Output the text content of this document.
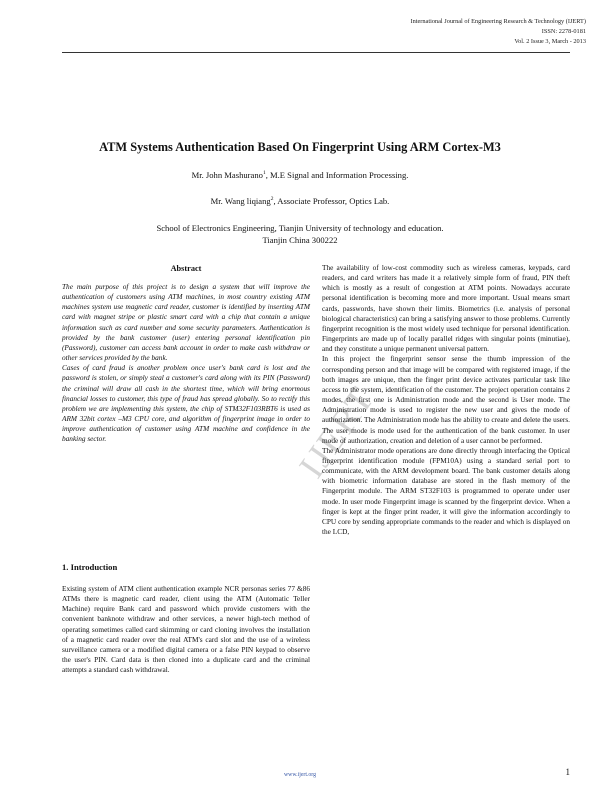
International Journal of Engineering Research & Technology (IJERT)
ISSN: 2278-0181
Vol. 2 Issue 3, March - 2013
IJERT
ATM Systems Authentication Based On Fingerprint Using ARM Cortex-M3
Mr. John Mashurano$^1$, M.E Signal and Information Processing.
Mr. Wang liqiang$^2$, Associate Professor, Optics Lab.
School of Electronics Engineering, Tianjin University of technology and education.
Tianjin China 300222
Abstract

The main purpose of this project is to design a system that will improve the authentication of customers using ATM machines, in most country existing ATM machines system use magnetic card reader, customer is identified by inserting ATM card with magnet stripe or plastic smart card with a chip that contain a unique information such as card number and some security parameters. Authentication is provided by the bank customer (user) entering personal identification pin (Password), customer can access bank account in order to make cash withdraw or other services provided by the bank.

Cases of card fraud is another problem once user's bank card is lost and the password is stolen, or simply steal a customer's card along with its PIN (Password) the criminal will draw all cash in the shortest time, which will bring enormous financial losses to customer, this type of fraud has spread globally. So to rectify this problem we are implementing this system, the chip of STM32F103RBT6 is used as ARM 32bit cortex –M3 CPU core, and algorithm of fingerprint image in order to improve authentication of customer using ATM machine and confidence in the banking sector.

1. Introduction

Existing system of ATM client authentication example NCR personas series 77 &86 ATMs there is magnetic card reader, client using the ATM (Automatic Teller Machine) require Bank card and password which provide customers with the convenient banknote withdraw and other services, a newer high-tech method of operating sometimes called card skimming or card cloning involves the installation of a magnetic card reader over the real ATM's card slot and the use of a wireless surveillance camera or a modified digital camera or a false PIN keypad to observe the user's PIN. Card data is then cloned into a duplicate card and the criminal attempts a standard cash withdrawal.

The availability of low-cost commodity such as wireless cameras, keypads, card readers, and card writers has made it a relatively simple form of fraud, PIN theft which is mostly as a result of congestion at ATM points. Nowadays accurate personal identification is becoming more and more important. Usual means smart cards, passwords, have shown their limits. Biometrics (i.e. analysis of personal biological characteristics) can bring a satisfying answer to those problems. Currently fingerprint recognition is the most widely used technique for personal identification. Fingerprints are made up of locally parallel ridges with singular points (minutiae), and they constitute a unique permanent universal pattern.

In this project the fingerprint sensor sense the thumb impression of the corresponding person and that image will be compared with registered image, if the both images are unique, then the finger print device activates particular task like access to the system, identification of the customer. The project operation contains 2 modes, the first one is Administration mode and the second is User mode. The Administration mode is used to register the new user and gives the mode of authorization. The Administration mode has the ability to create and delete the users. The user mode is mode used for the authentication of the bank customer. In user mode of authorization, creation and deletion of a user cannot be performed.

The Administrator mode operations are done directly through interfacing the Optical fingerprint identification module (FPM10A) using a standard serial port to communicate, with the ARM development board. The bank customer details along with biometric information database are stored in the flash memory of the Fingerprint module. The ARM ST32F103 is programmed to operate under user mode. In user mode Fingerprint image is scanned by the fingerprint device. When a finger is kept at the finger print reader, it will give the information accordingly to CPU core by sending appropriate commands to the reader and which is displayed on the LCD,

www.ijert.org	1
